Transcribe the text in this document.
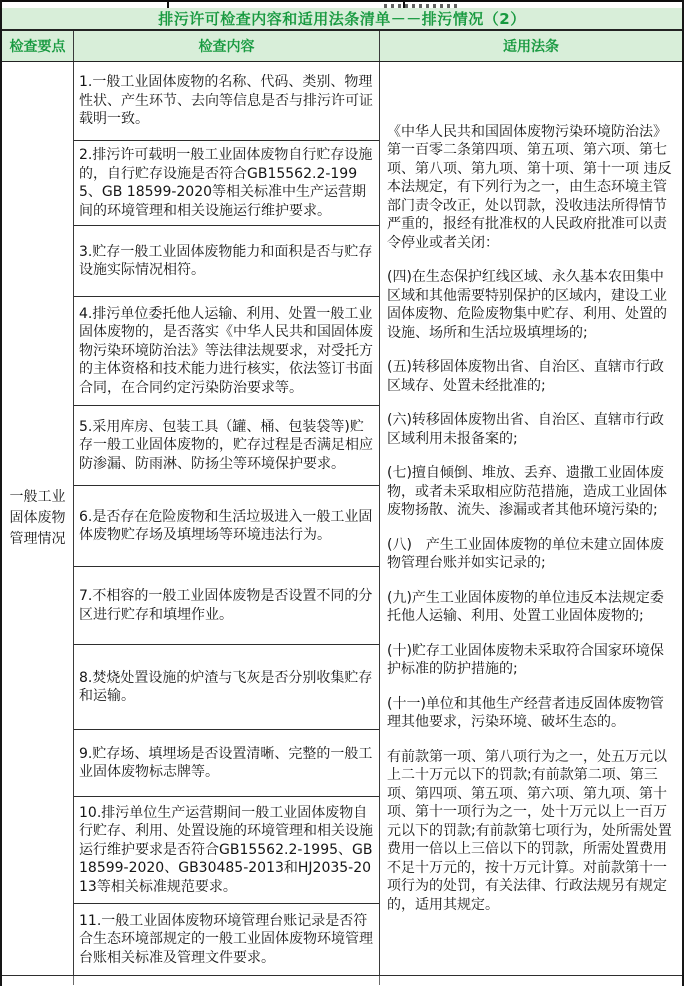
排污许可检查内容和适用法条清单－－排污情况（2）
检查要点	检查内容	适用法条
一般工业固体废物管理情况
1.一般工业固体废物的名称、代码、类别、物理性状、产生环节、去向等信息是否与排污许可证载明一致。
2.排污许可载明一般工业固体废物自行贮存设施的，自行贮存设施是否符合GB15562.2-1995、GB 18599-2020等相关标准中生产运营期间的环境管理和相关设施运行维护要求。
3.贮存一般工业固体废物能力和面积是否与贮存设施实际情况相符。
4.排污单位委托他人运输、利用、处置一般工业固体废物的，是否落实《中华人民共和国固体废物污染环境防治法》等法律法规要求，对受托方的主体资格和技术能力进行核实，依法签订书面合同，在合同约定污染防治要求等。
5.采用库房、包装工具（罐、桶、包装袋等)贮存一般工业固体废物的，贮存过程是否满足相应防渗漏、防雨淋、防扬尘等环境保护要求。
6.是否存在危险废物和生活垃圾进入一般工业固体废物贮存场及填埋场等环境违法行为。
7.不相容的一般工业固体废物是否设置不同的分区进行贮存和填埋作业。
8.焚烧处置设施的炉渣与飞灰是否分别收集贮存和运输。
9.贮存场、填埋场是否设置清晰、完整的一般工业固体废物标志牌等。
10.排污单位生产运营期间一般工业固体废物自行贮存、利用、处置设施的环境管理和相关设施运行维护要求是否符合GB15562.2-1995、GB 18599-2020、GB30485-2013和HJ2035-2013等相关标准规范要求。
11.一般工业固体废物环境管理台账记录是否符合生态环境部规定的一般工业固体废物环境管理台账相关标准及管理文件要求。

《中华人民共和国固体废物污染环境防治法》第一百零二条第四项、第五项、第六项、第七项、第八项、第九项、第十项、第十一项 违反本法规定，有下列行为之一，由生态环境主管部门责令改正，处以罚款，没收违法所得情节严重的，报经有批准权的人民政府批准可以责令停业或者关闭：

(四)在生态保护红线区域、永久基本农田集中区域和其他需要特别保护的区域内，建设工业固体废物、危险废物集中贮存、利用、处置的设施、场所和生活垃圾填埋场的;

(五)转移固体废物出省、自治区、直辖市行政区域存、处置未经批准的;

(六)转移固体废物出省、自治区、直辖市行政区域利用未报备案的;

(七)擅自倾倒、堆放、丢弃、遗撒工业固体废物，或者未采取相应防范措施，造成工业固体废物扬散、流失、渗漏或者其他环境污染的;

(八)　产生工业固体废物的单位未建立固体废物管理台账并如实记录的;

(九)产生工业固体废物的单位违反本法规定委托他人运输、利用、处置工业固体废物的;

(十)贮存工业固体废物未采取符合国家环境保护标准的防护措施的;

(十一)单位和其他生产经营者违反固体废物管理其他要求，污染环境、破坏生态的。

有前款第一项、第八项行为之一，处五万元以上二十万元以下的罚款;有前款第二项、第三项、第四项、第五项、第六项、第九项、第十项、第十一项行为之一，处十万元以上一百万元以下的罚款;有前款第七项行为，处所需处置费用一倍以上三倍以下的罚款，所需处置费用不足十万元的，按十万元计算。对前款第十一项行为的处罚，有关法律、行政法规另有规定的，适用其规定。
